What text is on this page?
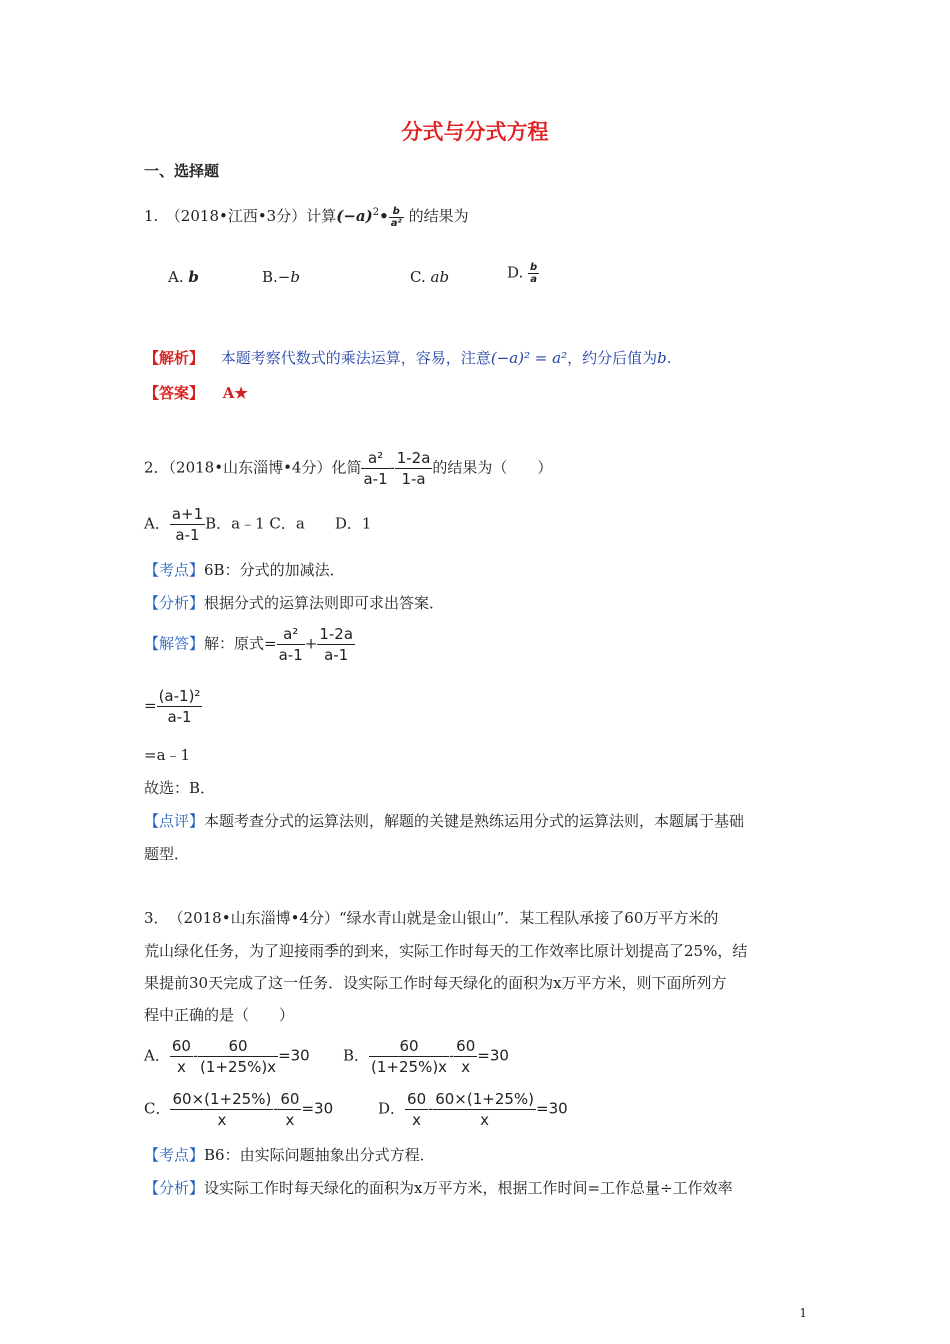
分式与分式方程
一、选择题
1.　（2018•江西•3分）计算$(-a)^2• \frac{b}{\text{a²}}$ 的结果为
A. b	B.−b	C. ab	D. $\frac{b}{a}$
【解析】 本题考察代数式的乘法运算，容易，注意(−a)² = a²，约分后值为b.
【答案】 A★
2．（2018•山东淄博•4分）化简 $\frac{\text{a²}}{a-1} - \frac{1-2a}{1-a}$ 的结果为（　　）
A． $\frac{a+1}{a-1}$ B．a﹣1 C．a　　D．1
【考点】6B：分式的加减法．
【分析】根据分式的运算法则即可求出答案．
【解答】解：原式= $\frac{\text{a²}}{a-1} + \frac{1-2a}{a-1}$
= $\frac{\text{(a-1)²}}{a-1}$
=a﹣1
故选：B．
【点评】本题考查分式的运算法则，解题的关键是熟练运用分式的运算法则，本题属于基础
题型．
3．　（2018•山东淄博•4分）“绿水青山就是金山银山”．某工程队承接了60万平方米的
荒山绿化任务，为了迎接雨季的到来，实际工作时每天的工作效率比原计划提高了25%，结
果提前30天完成了这一任务．设实际工作时每天绿化的面积为x万平方米，则下面所列方
程中正确的是（　　）
A． $\frac{60}{x} - \frac{60}{(1+25\%)x} =30$ B． $\frac{60}{(1+25\%)x} - \frac{60}{x} =30$
C． $\frac{60\times(1+25\%)}{x} - \frac{60}{x} =30$	D． $\frac{60}{x} - \frac{60\times(1+25\%)}{x} =30$
【考点】B6：由实际问题抽象出分式方程．
【分析】设实际工作时每天绿化的面积为x万平方米，根据工作时间=工作总量÷工作效率
1
